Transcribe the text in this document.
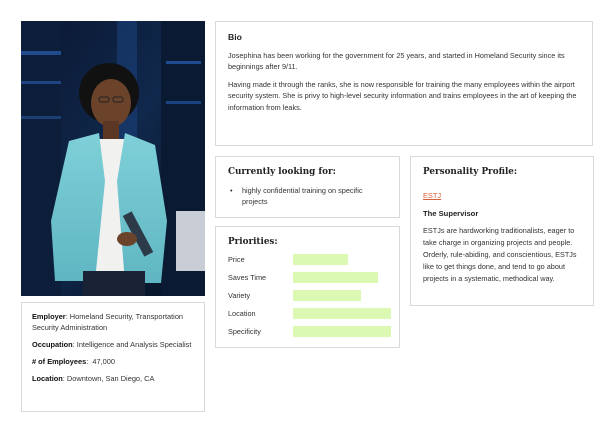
Employer: Homeland Security, Transportation Security Administration

Occupation: Intelligence and Analysis Specialist

# of Employees:  47,000

Location: Downtown, San Diego, CA

Bio

Josephina has been working for the government for 25 years, and started in Homeland Security since its beginnings after 9/11.

Having made it through the ranks, she is now responsible for training the many employees within the airport security system. She is privy to high-level security information and trains employees in the art of keeping the information from leaks.

Currently looking for:
• highly confidential training on specific projects
Priorities:
Price
Saves Time
Variety
Location
Specificity
Personality Profile:
ESTJ

The Supervisor

ESTJs are hardworking traditionalists, eager to take charge in organizing projects and people. Orderly, rule-abiding, and conscientious, ESTJs like to get things done, and tend to go about projects in a systematic, methodical way.
